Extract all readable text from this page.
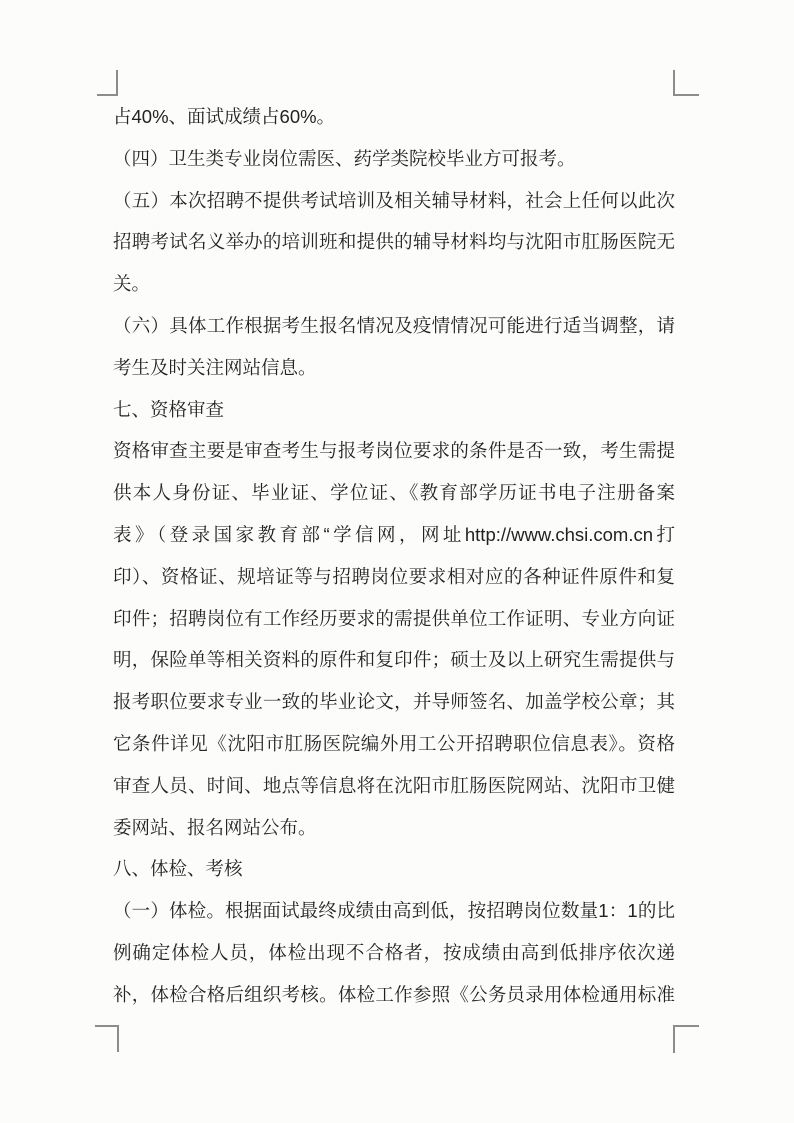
占40%、面试成绩占60%。
（四）卫生类专业岗位需医、药学类院校毕业方可报考。
（五）本次招聘不提供考试培训及相关辅导材料，社会上任何以此次
招聘考试名义举办的培训班和提供的辅导材料均与沈阳市肛肠医院无
关。
（六）具体工作根据考生报名情况及疫情情况可能进行适当调整，请
考生及时关注网站信息。
七、资格审查
资格审查主要是审查考生与报考岗位要求的条件是否一致，考生需提
供本人身份证、毕业证、学位证、《教育部学历证书电子注册备案
表》（登录国家教育部“学信网，网址http://www.chsi.com.cn打
印）、资格证、规培证等与招聘岗位要求相对应的各种证件原件和复
印件；招聘岗位有工作经历要求的需提供单位工作证明、专业方向证
明，保险单等相关资料的原件和复印件；硕士及以上研究生需提供与
报考职位要求专业一致的毕业论文，并导师签名、加盖学校公章；其
它条件详见《沈阳市肛肠医院编外用工公开招聘职位信息表》。资格
审查人员、时间、地点等信息将在沈阳市肛肠医院网站、沈阳市卫健
委网站、报名网站公布。
八、体检、考核
（一）体检。根据面试最终成绩由高到低，按招聘岗位数量1：1的比
例确定体检人员，体检出现不合格者，按成绩由高到低排序依次递
补，体检合格后组织考核。体检工作参照《公务员录用体检通用标准
